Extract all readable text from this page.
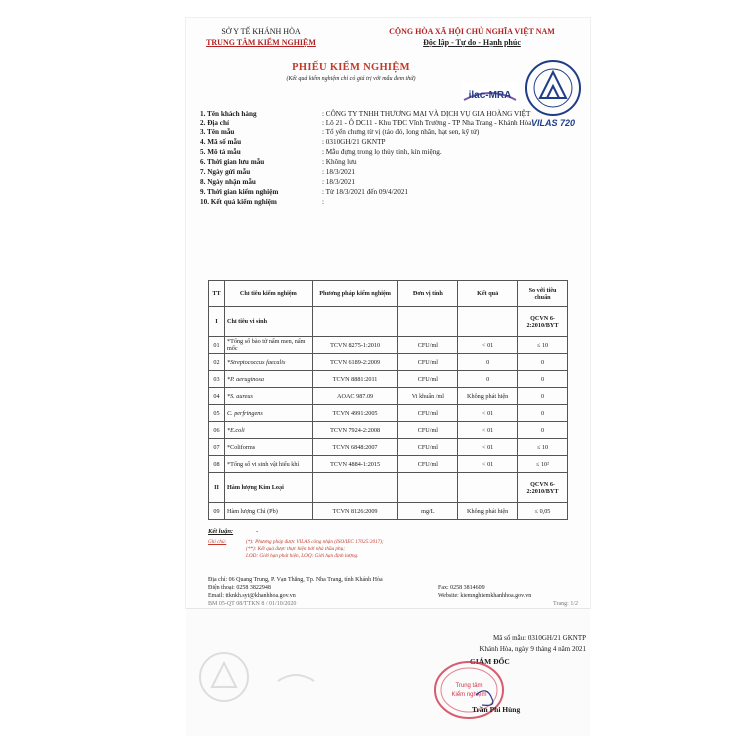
SỞ Y TẾ KHÁNH HÒA
TRUNG TÂM KIỂM NGHIỆM
CỘNG HÒA XÃ HỘI CHỦ NGHĨA VIỆT NAM
Độc lập - Tự do - Hạnh phúc
PHIẾU KIỂM NGHIỆM
(Kết quả kiểm nghiệm chỉ có giá trị với mẫu đem thử)
ilac-MRA
VILAS 720
1. Tên khách hàng	: CÔNG TY TNHH THƯƠNG MẠI VÀ DỊCH VỤ GIA HOÀNG VIỆT
2. Địa chỉ	: Lô 21 - Ô DC11 - Khu TĐC Vĩnh Trường - TP Nha Trang - Khánh Hòa
3. Tên mẫu	: Tổ yến chưng từ vị (táo đỏ, long nhãn, hạt sen, kỹ tử)
4. Mã số mẫu	: 0310GH/21 GKNTP
5. Mô tả mẫu	: Mẫu đựng trong lọ thủy tinh, kín miệng.
6. Thời gian lưu mẫu	: Không lưu
7. Ngày gửi mẫu	: 18/3/2021
8. Ngày nhận mẫu	: 18/3/2021
9. Thời gian kiểm nghiệm	: Từ 18/3/2021 đến 09/4/2021
10. Kết quả kiểm nghiệm	:
TT	Chỉ tiêu kiểm nghiệm	Phương pháp kiểm nghiệm	Đơn vị tính	Kết quả	So với tiêu chuẩn
I	Chỉ tiêu vi sinh				QCVN 6-2:2010/BYT
01	*Tổng số bào tử nấm men, nấm mốc	TCVN 8275-1:2010	CFU/ml	< 01	≤ 10
02	*Streptococcus faecalis	TCVN 6189-2:2009	CFU/ml	0	0
03	*P. aeruginosa	TCVN 8881:2011	CFU/ml	0	0
04	*S. aureus	AOAC 987.09	Vi khuẩn /ml	Không phát hiện	0
05	C. perfringens	TCVN 4991:2005	CFU/ml	< 01	0
06	*E.coli	TCVN 7924-2:2008	CFU/ml	< 01	0
07	*Coliforms	TCVN 6848:2007	CFU/ml	< 01	≤ 10
08	*Tổng số vi sinh vật hiếu khí	TCVN 4884-1:2015	CFU/ml	< 01	≤ 10²
II	Hàm lượng Kim Loại				QCVN 6-2:2010/BYT
09	Hàm lượng Chì (Pb)	TCVN 8126:2009	mg/L	Không phát hiện	≤ 0,05
Kết luận:	-
Ghi chú:	(*): Phương pháp được VILAS công nhận (ISO/IEC 17025:2017);
(**): Kết quả được thực hiện bởi nhà thầu phụ;
LOD: Giới hạn phát hiện, LOQ: Giới hạn định lượng.
Địa chỉ: 06 Quang Trung, P. Vạn Thắng, Tp. Nha Trang, tỉnh Khánh Hòa
Điện thoại: 0258 3822948	Fax: 0258 3814609
Email: ttknkh.syt@khanhhoa.gov.vn	Website: kiemnghiemkhanhhoa.gov.vn
BM 05-QT 08/TTKN 8 / 01/10/2020	Trang: 1/2
Mã số mẫu: 0310GH/21 GKNTP
Khánh Hòa, ngày 9 tháng 4 năm 2021
GIÁM ĐỐC
Trung tâm
Kiểm nghiệm
Trần Phi Hùng
